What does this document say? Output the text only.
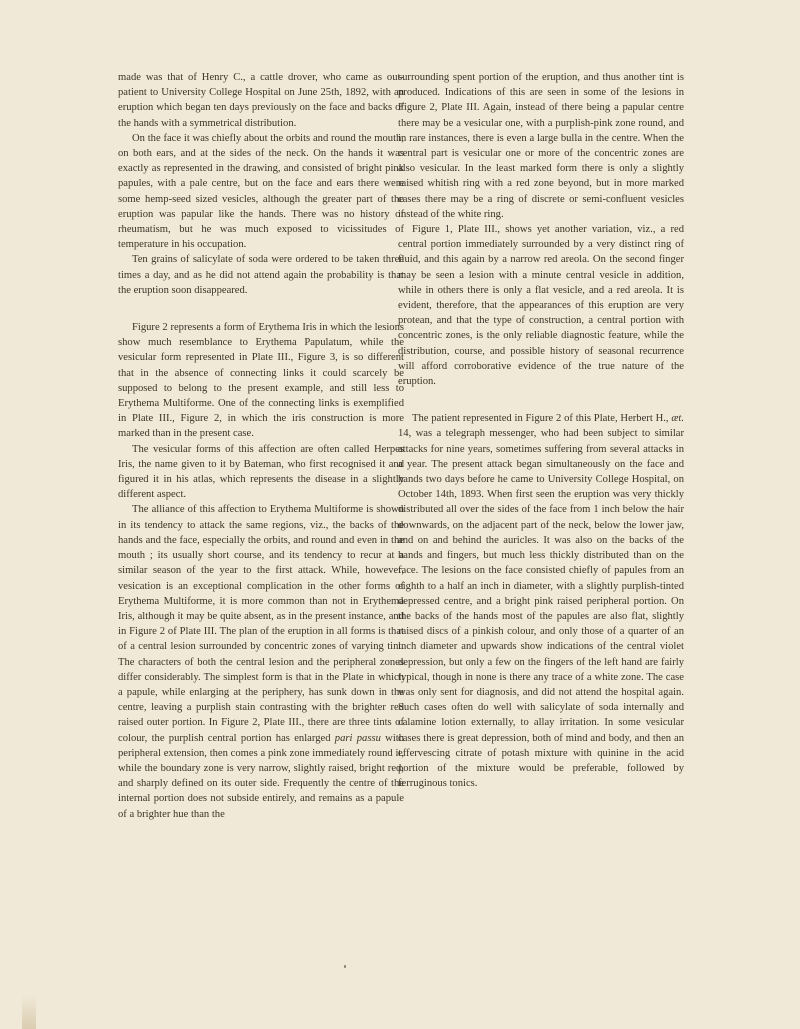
made was that of Henry C., a cattle drover, who came as out-patient to University College Hospital on June 25th, 1892, with an eruption which began ten days previously on the face and backs of the hands with a symmetrical distribution.

On the face it was chiefly about the orbits and round the mouth, on both ears, and at the sides of the neck. On the hands it was exactly as represented in the drawing, and consisted of bright pink papules, with a pale centre, but on the face and ears there were some hemp-seed sized vesicles, although the greater part of the eruption was papular like the hands. There was no history of rheumatism, but he was much exposed to vicissitudes of temperature in his occupation.

Ten grains of salicylate of soda were ordered to be taken three times a day, and as he did not attend again the probability is that the eruption soon disappeared.

Figure 2 represents a form of Erythema Iris in which the lesions show much resemblance to Erythema Papulatum, while the vesicular form represented in Plate III., Figure 3, is so different that in the absence of connecting links it could scarcely be supposed to belong to the present example, and still less to Erythema Multiforme. One of the connecting links is exemplified in Plate III., Figure 2, in which the iris construction is more marked than in the present case.

The vesicular forms of this affection are often called Herpes Iris, the name given to it by Bateman, who first recognised it and figured it in his atlas, which represents the disease in a slightly different aspect.

The alliance of this affection to Erythema Multiforme is shown in its tendency to attack the same regions, viz., the backs of the hands and the face, especially the orbits, and round and even in the mouth ; its usually short course, and its tendency to recur at a similar season of the year to the first attack. While, however, vesication is an exceptional complication in the other forms of Erythema Multiforme, it is more common than not in Erythema Iris, although it may be quite absent, as in the present instance, and in Figure 2 of Plate III. The plan of the eruption in all forms is that of a central lesion surrounded by concentric zones of varying tint. The characters of both the central lesion and the peripheral zones differ considerably. The simplest form is that in the Plate in which a papule, while enlarging at the periphery, has sunk down in the centre, leaving a purplish stain contrasting with the brighter red raised outer portion. In Figure 2, Plate III., there are three tints of colour, the purplish central portion has enlarged pari passu with peripheral extension, then comes a pink zone immediately round it, while the boundary zone is very narrow, slightly raised, bright red, and sharply defined on its outer side. Frequently the centre of the internal portion does not subside entirely, and remains as a papule of a brighter hue than the

surrounding spent portion of the eruption, and thus another tint is produced. Indications of this are seen in some of the lesions in Figure 2, Plate III. Again, instead of there being a papular centre there may be a vesicular one, with a purplish-pink zone round, and in rare instances, there is even a large bulla in the centre. When the central part is vesicular one or more of the concentric zones are also vesicular. In the least marked form there is only a slightly raised whitish ring with a red zone beyond, but in more marked cases there may be a ring of discrete or semi-confluent vesicles instead of the white ring.

Figure 1, Plate III., shows yet another variation, viz., a red central portion immediately surrounded by a very distinct ring of fluid, and this again by a narrow red areola. On the second finger may be seen a lesion with a minute central vesicle in addition, while in others there is only a flat vesicle, and a red areola. It is evident, therefore, that the appearances of this eruption are very protean, and that the type of construction, a central portion with concentric zones, is the only reliable diagnostic feature, while the distribution, course, and possible history of seasonal recurrence will afford corroborative evidence of the true nature of the eruption.

The patient represented in Figure 2 of this Plate, Herbert H., æt. 14, was a telegraph messenger, who had been subject to similar attacks for nine years, sometimes suffering from several attacks in a year. The present attack began simultaneously on the face and hands two days before he came to University College Hospital, on October 14th, 1893. When first seen the eruption was very thickly distributed all over the sides of the face from 1 inch below the hair downwards, on the adjacent part of the neck, below the lower jaw, and on and behind the auricles. It was also on the backs of the hands and fingers, but much less thickly distributed than on the face. The lesions on the face consisted chiefly of papules from an eighth to a half an inch in diameter, with a slightly purplish-tinted depressed centre, and a bright pink raised peripheral portion. On the backs of the hands most of the papules are also flat, slightly raised discs of a pinkish colour, and only those of a quarter of an inch diameter and upwards show indications of the central violet depression, but only a few on the fingers of the left hand are fairly typical, though in none is there any trace of a white zone. The case was only sent for diagnosis, and did not attend the hospital again. Such cases often do well with salicylate of soda internally and calamine lotion externally, to allay irritation. In some vesicular cases there is great depression, both of mind and body, and then an effervescing citrate of potash mixture with quinine in the acid portion of the mixture would be preferable, followed by ferruginous tonics.
